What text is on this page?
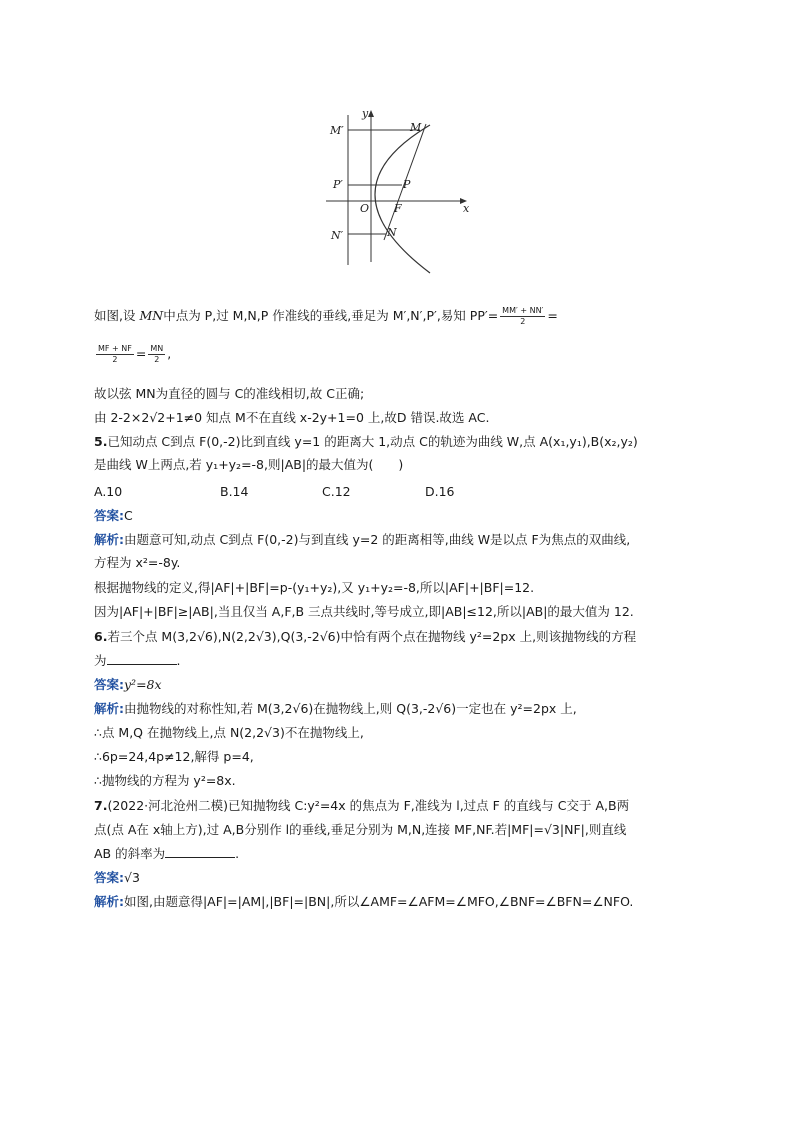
y
x
O F
M′	M
P′	P
N′	N
如图,设 MN中点为 P,过 M,N,P 作准线的垂线,垂足为 M′,N′,P′,易知 $PP'= \frac{MM' + NN'}{2}$ =
$\frac{MF + NF}{2} = \frac{MN}{2}$ ,
故以弦 MN为直径的圆与 C的准线相切,故 C正确;
由 2-2×2√2+1≠0 知点 M不在直线 x-2y+1=0 上,故D 错误.故选 AC.
5.已知动点 C到点 F(0,-2)比到直线 y=1 的距离大 1,动点 C的轨迹为曲线 W,点 A(x₁,y₁),B(x₂,y₂)
是曲线 W上两点,若 y₁+y₂=-8,则|AB|的最大值为(　　)
A.10	B.14	C.12	D.16
答案:C
解析:由题意可知,动点 C到点 F(0,-2)与到直线 y=2 的距离相等,曲线 W是以点 F为焦点的双曲线,
方程为 x²=-8y.
根据抛物线的定义,得|AF|+|BF|=p-(y₁+y₂),又 y₁+y₂=-8,所以|AF|+|BF|=12.
因为|AF|+|BF|≥|AB|,当且仅当 A,F,B 三点共线时,等号成立,即|AB|≤12,所以|AB|的最大值为 12.
6.若三个点 M(3,2√6),N(2,2√3),Q(3,-2√6)中恰有两个点在抛物线 y²=2px 上,则该抛物线的方程
为	.
答案:y²=8x
解析:由抛物线的对称性知,若 M(3,2√6)在抛物线上,则 Q(3,-2√6)一定也在 y²=2px 上,
∴点 M,Q 在抛物线上,点 N(2,2√3)不在抛物线上,
∴6p=24,4p≠12,解得 p=4,
∴抛物线的方程为 y²=8x.
7.(2022·河北沧州二模)已知抛物线 C:y²=4x 的焦点为 F,准线为 l,过点 F 的直线与 C交于 A,B两
点(点 A在 x轴上方),过 A,B分别作 l的垂线,垂足分别为 M,N,连接 MF,NF.若|MF|=√3|NF|,则直线
AB 的斜率为	.
答案:√3
解析:如图,由题意得|AF|=|AM|,|BF|=|BN|,所以∠AMF=∠AFM=∠MFO,∠BNF=∠BFN=∠NFO.
